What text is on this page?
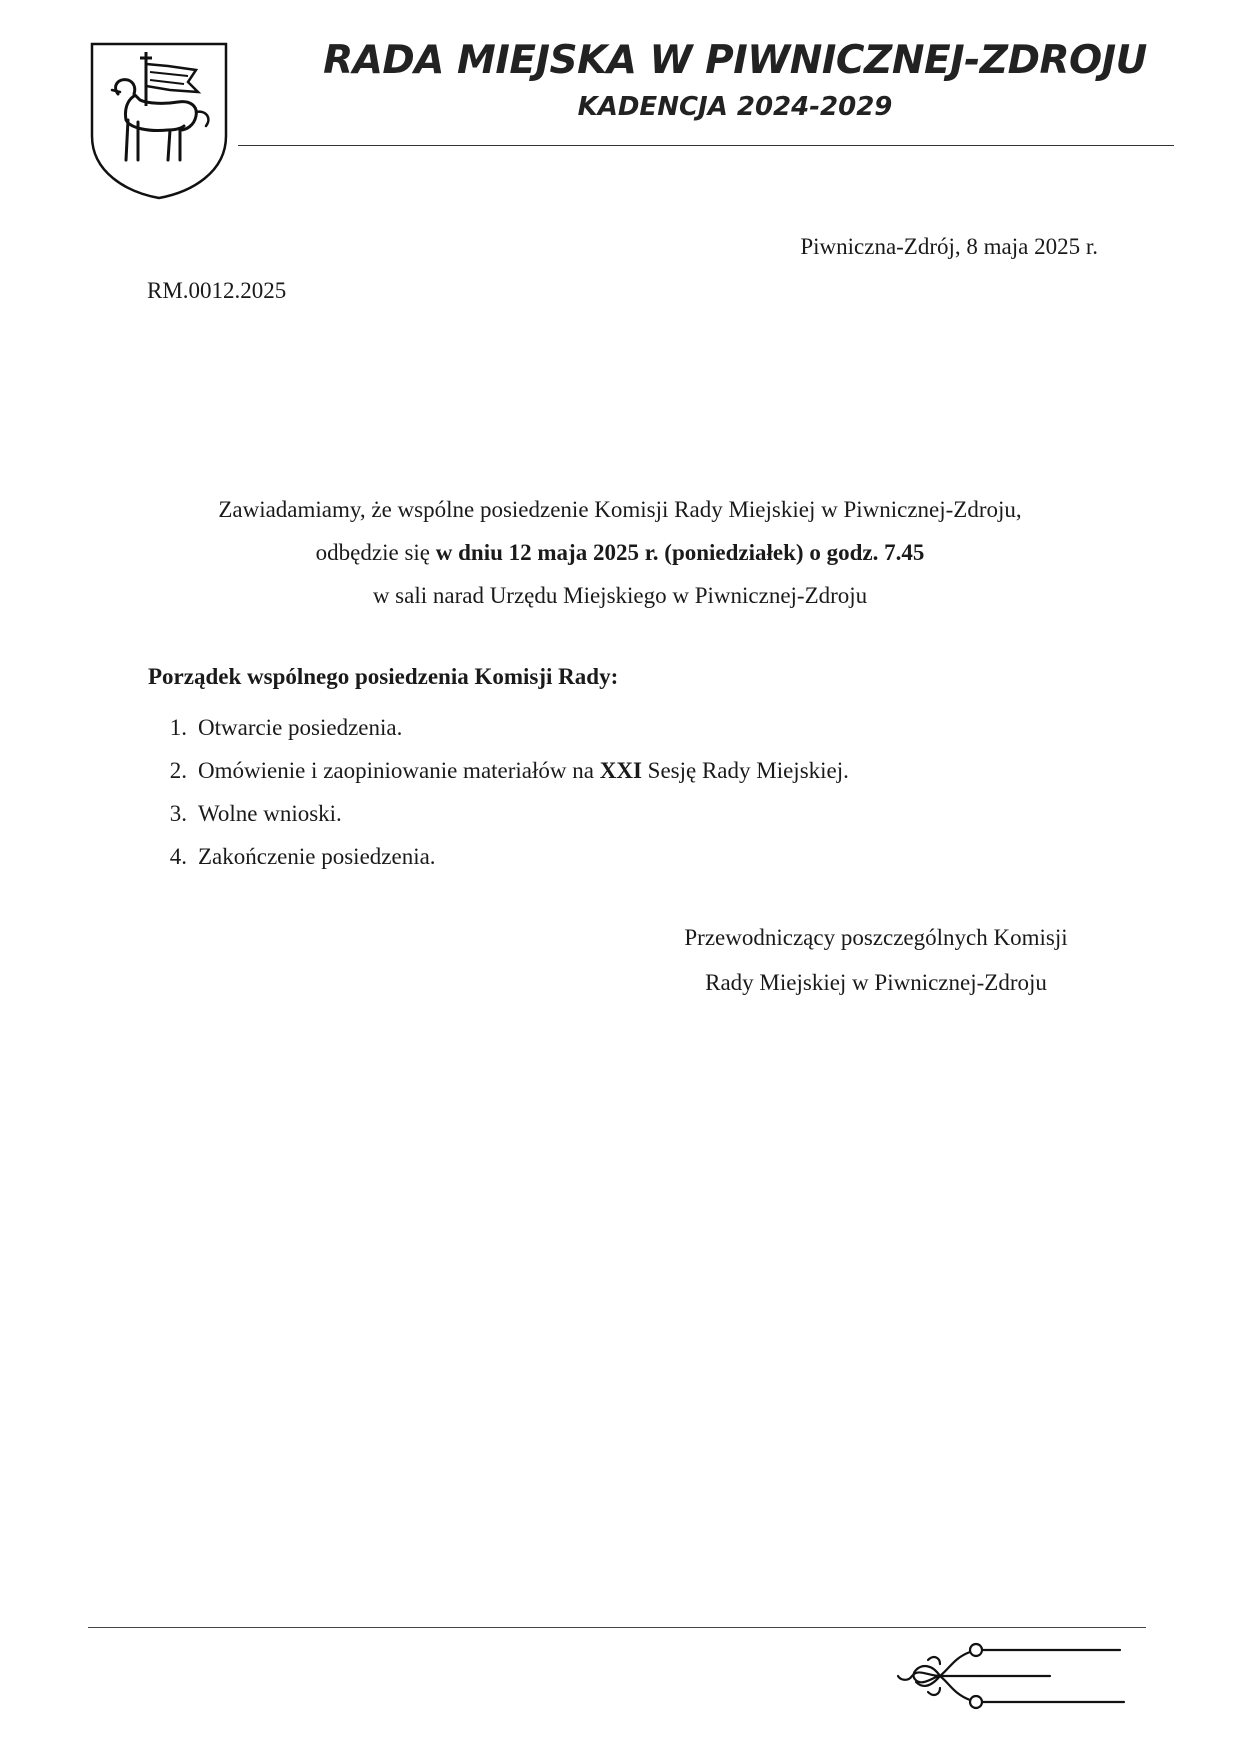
RADA MIEJSKA W PIWNICZNEJ-ZDROJU
KADENCJA 2024-2029
Piwniczna-Zdrój, 8 maja 2025 r.
RM.0012.2025
Zawiadamiamy, że wspólne posiedzenie Komisji Rady Miejskiej w Piwnicznej-Zdroju,
odbędzie się w dniu 12 maja 2025 r. (poniedziałek) o godz. 7.45
w sali narad Urzędu Miejskiego w Piwnicznej-Zdroju
Porządek wspólnego posiedzenia Komisji Rady:
1. Otwarcie posiedzenia.
2. Omówienie i zaopiniowanie materiałów na XXI Sesję Rady Miejskiej.
3. Wolne wnioski.
4. Zakończenie posiedzenia.
Przewodniczący poszczególnych Komisji
Rady Miejskiej w Piwnicznej-Zdroju
